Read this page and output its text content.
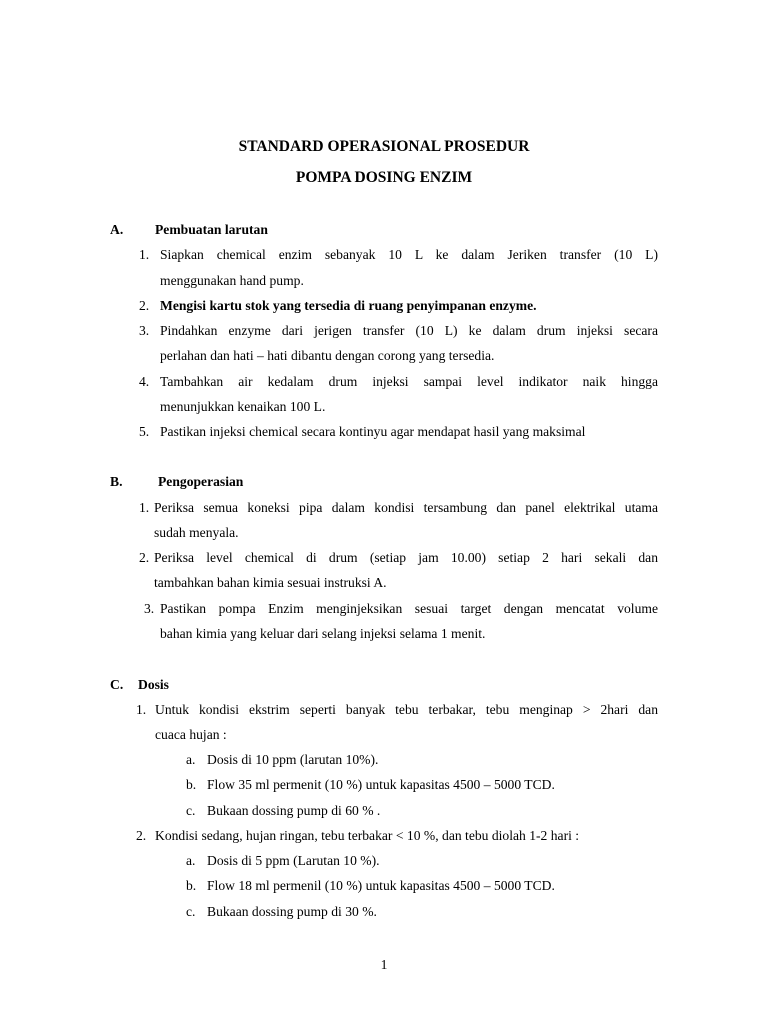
STANDARD OPERASIONAL PROSEDUR
POMPA DOSING ENZIM
A. Pembuatan larutan
1. Siapkan chemical enzim sebanyak 10 L ke dalam Jeriken transfer (10 L)
menggunakan hand pump.
2. Mengisi kartu stok yang tersedia di ruang penyimpanan enzyme.
3. Pindahkan enzyme dari jerigen transfer (10 L) ke dalam drum injeksi secara
perlahan dan hati – hati dibantu dengan corong yang tersedia.
4. Tambahkan air kedalam drum injeksi sampai level indikator naik hingga
menunjukkan kenaikan 100 L.
5. Pastikan injeksi chemical secara kontinyu agar mendapat hasil yang maksimal
B.	Pengoperasian
1. Periksa semua koneksi pipa dalam kondisi tersambung dan panel elektrikal utama
sudah menyala.
2. Periksa level chemical di drum (setiap jam 10.00) setiap 2 hari sekali dan
tambahkan bahan kimia sesuai instruksi A.
3. Pastikan pompa Enzim menginjeksikan sesuai target dengan mencatat volume
bahan kimia yang keluar dari selang injeksi selama 1 menit.
C. Dosis
1. Untuk kondisi ekstrim seperti banyak tebu terbakar, tebu menginap > 2hari dan
cuaca hujan :
a. Dosis di 10 ppm (larutan 10%).
b. Flow 35 ml permenit (10 %) untuk kapasitas 4500 – 5000 TCD.
c. Bukaan dossing pump di 60 % .
2. Kondisi sedang, hujan ringan, tebu terbakar < 10 %, dan tebu diolah 1-2 hari :
a. Dosis di 5 ppm (Larutan 10 %).
b. Flow 18 ml permenil (10 %) untuk kapasitas 4500 – 5000 TCD.
c. Bukaan dossing pump di 30 %.
1
